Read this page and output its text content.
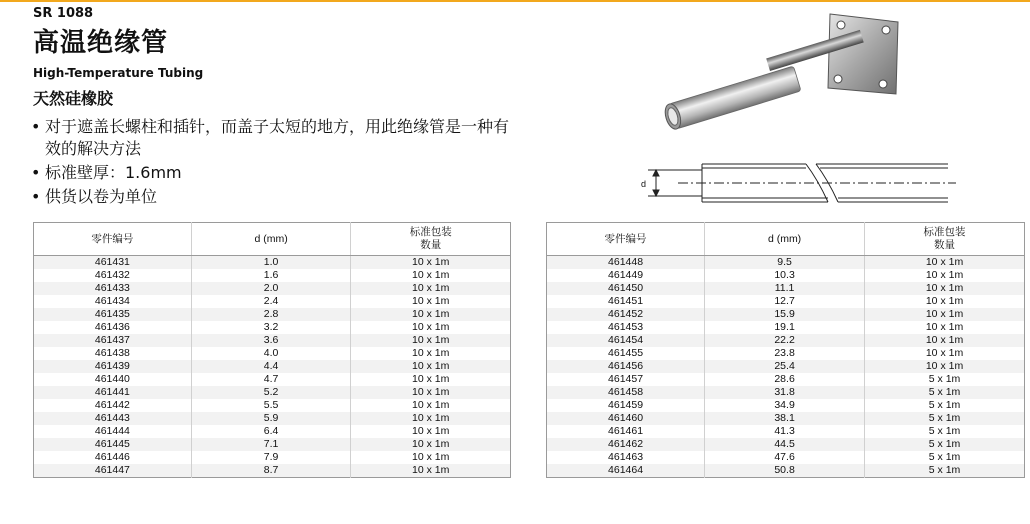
SR 1088
高温绝缘管
High-Temperature Tubing
天然硅橡胶
• 对于遮盖长螺柱和插针，而盖子太短的地方，用此绝缘管是一种有效的解决方法
• 标准壁厚：1.6mm
• 供货以卷为单位
d
零件编号	d (mm)	标准包装
数量
461431	1.0	10 x 1m
461432	1.6	10 x 1m
461433	2.0	10 x 1m
461434	2.4	10 x 1m
461435	2.8	10 x 1m
461436	3.2	10 x 1m
461437	3.6	10 x 1m
461438	4.0	10 x 1m
461439	4.4	10 x 1m
461440	4.7	10 x 1m
461441	5.2	10 x 1m
461442	5.5	10 x 1m
461443	5.9	10 x 1m
461444	6.4	10 x 1m
461445	7.1	10 x 1m
461446	7.9	10 x 1m
461447	8.7	10 x 1m
零件编号	d (mm)	标准包装
数量
461448	9.5	10 x 1m
461449	10.3	10 x 1m
461450	11.1	10 x 1m
461451	12.7	10 x 1m
461452	15.9	10 x 1m
461453	19.1	10 x 1m
461454	22.2	10 x 1m
461455	23.8	10 x 1m
461456	25.4	10 x 1m
461457	28.6	5 x 1m
461458	31.8	5 x 1m
461459	34.9	5 x 1m
461460	38.1	5 x 1m
461461	41.3	5 x 1m
461462	44.5	5 x 1m
461463	47.6	5 x 1m
461464	50.8	5 x 1m
